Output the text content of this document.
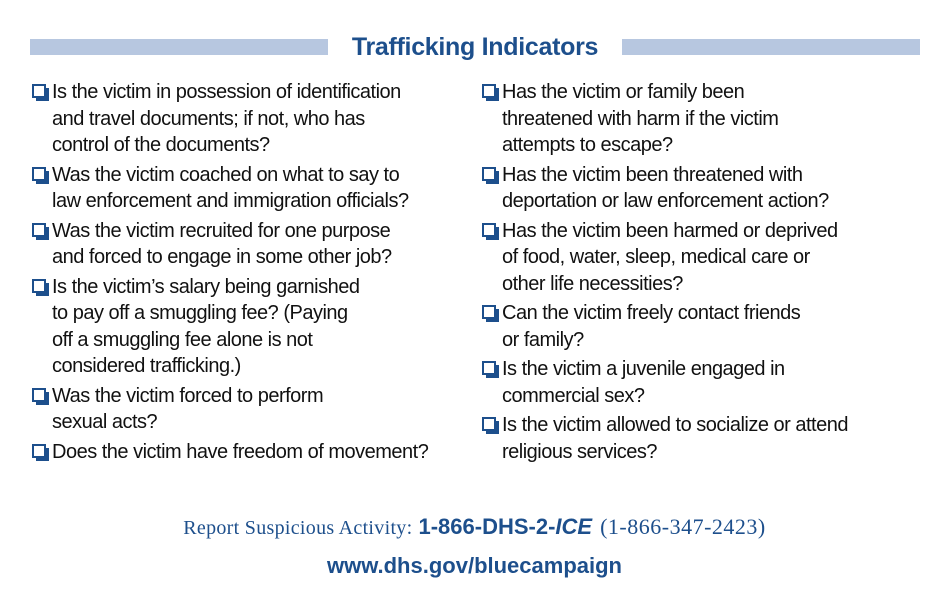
Trafficking Indicators
Is the victim in possession of identification
and travel documents; if not, who has
control of the documents?
Was the victim coached on what to say to
law enforcement and immigration officials?
Was the victim recruited for one purpose
and forced to engage in some other job?
Is the victim’s salary being garnished
to pay off a smuggling fee? (Paying
off a smuggling fee alone is not
considered trafficking.)
Was the victim forced to perform
sexual acts?
Does the victim have freedom of movement?
Has the victim or family been
threatened with harm if the victim
attempts to escape?
Has the victim been threatened with
deportation or law enforcement action?
Has the victim been harmed or deprived
of food, water, sleep, medical care or
other life necessities?
Can the victim freely contact friends
or family?
Is the victim a juvenile engaged in
commercial sex?
Is the victim allowed to socialize or attend
religious services?
Report Suspicious Activity: 1-866-DHS-2-ICE (1-866-347-2423)
www.dhs.gov/bluecampaign
